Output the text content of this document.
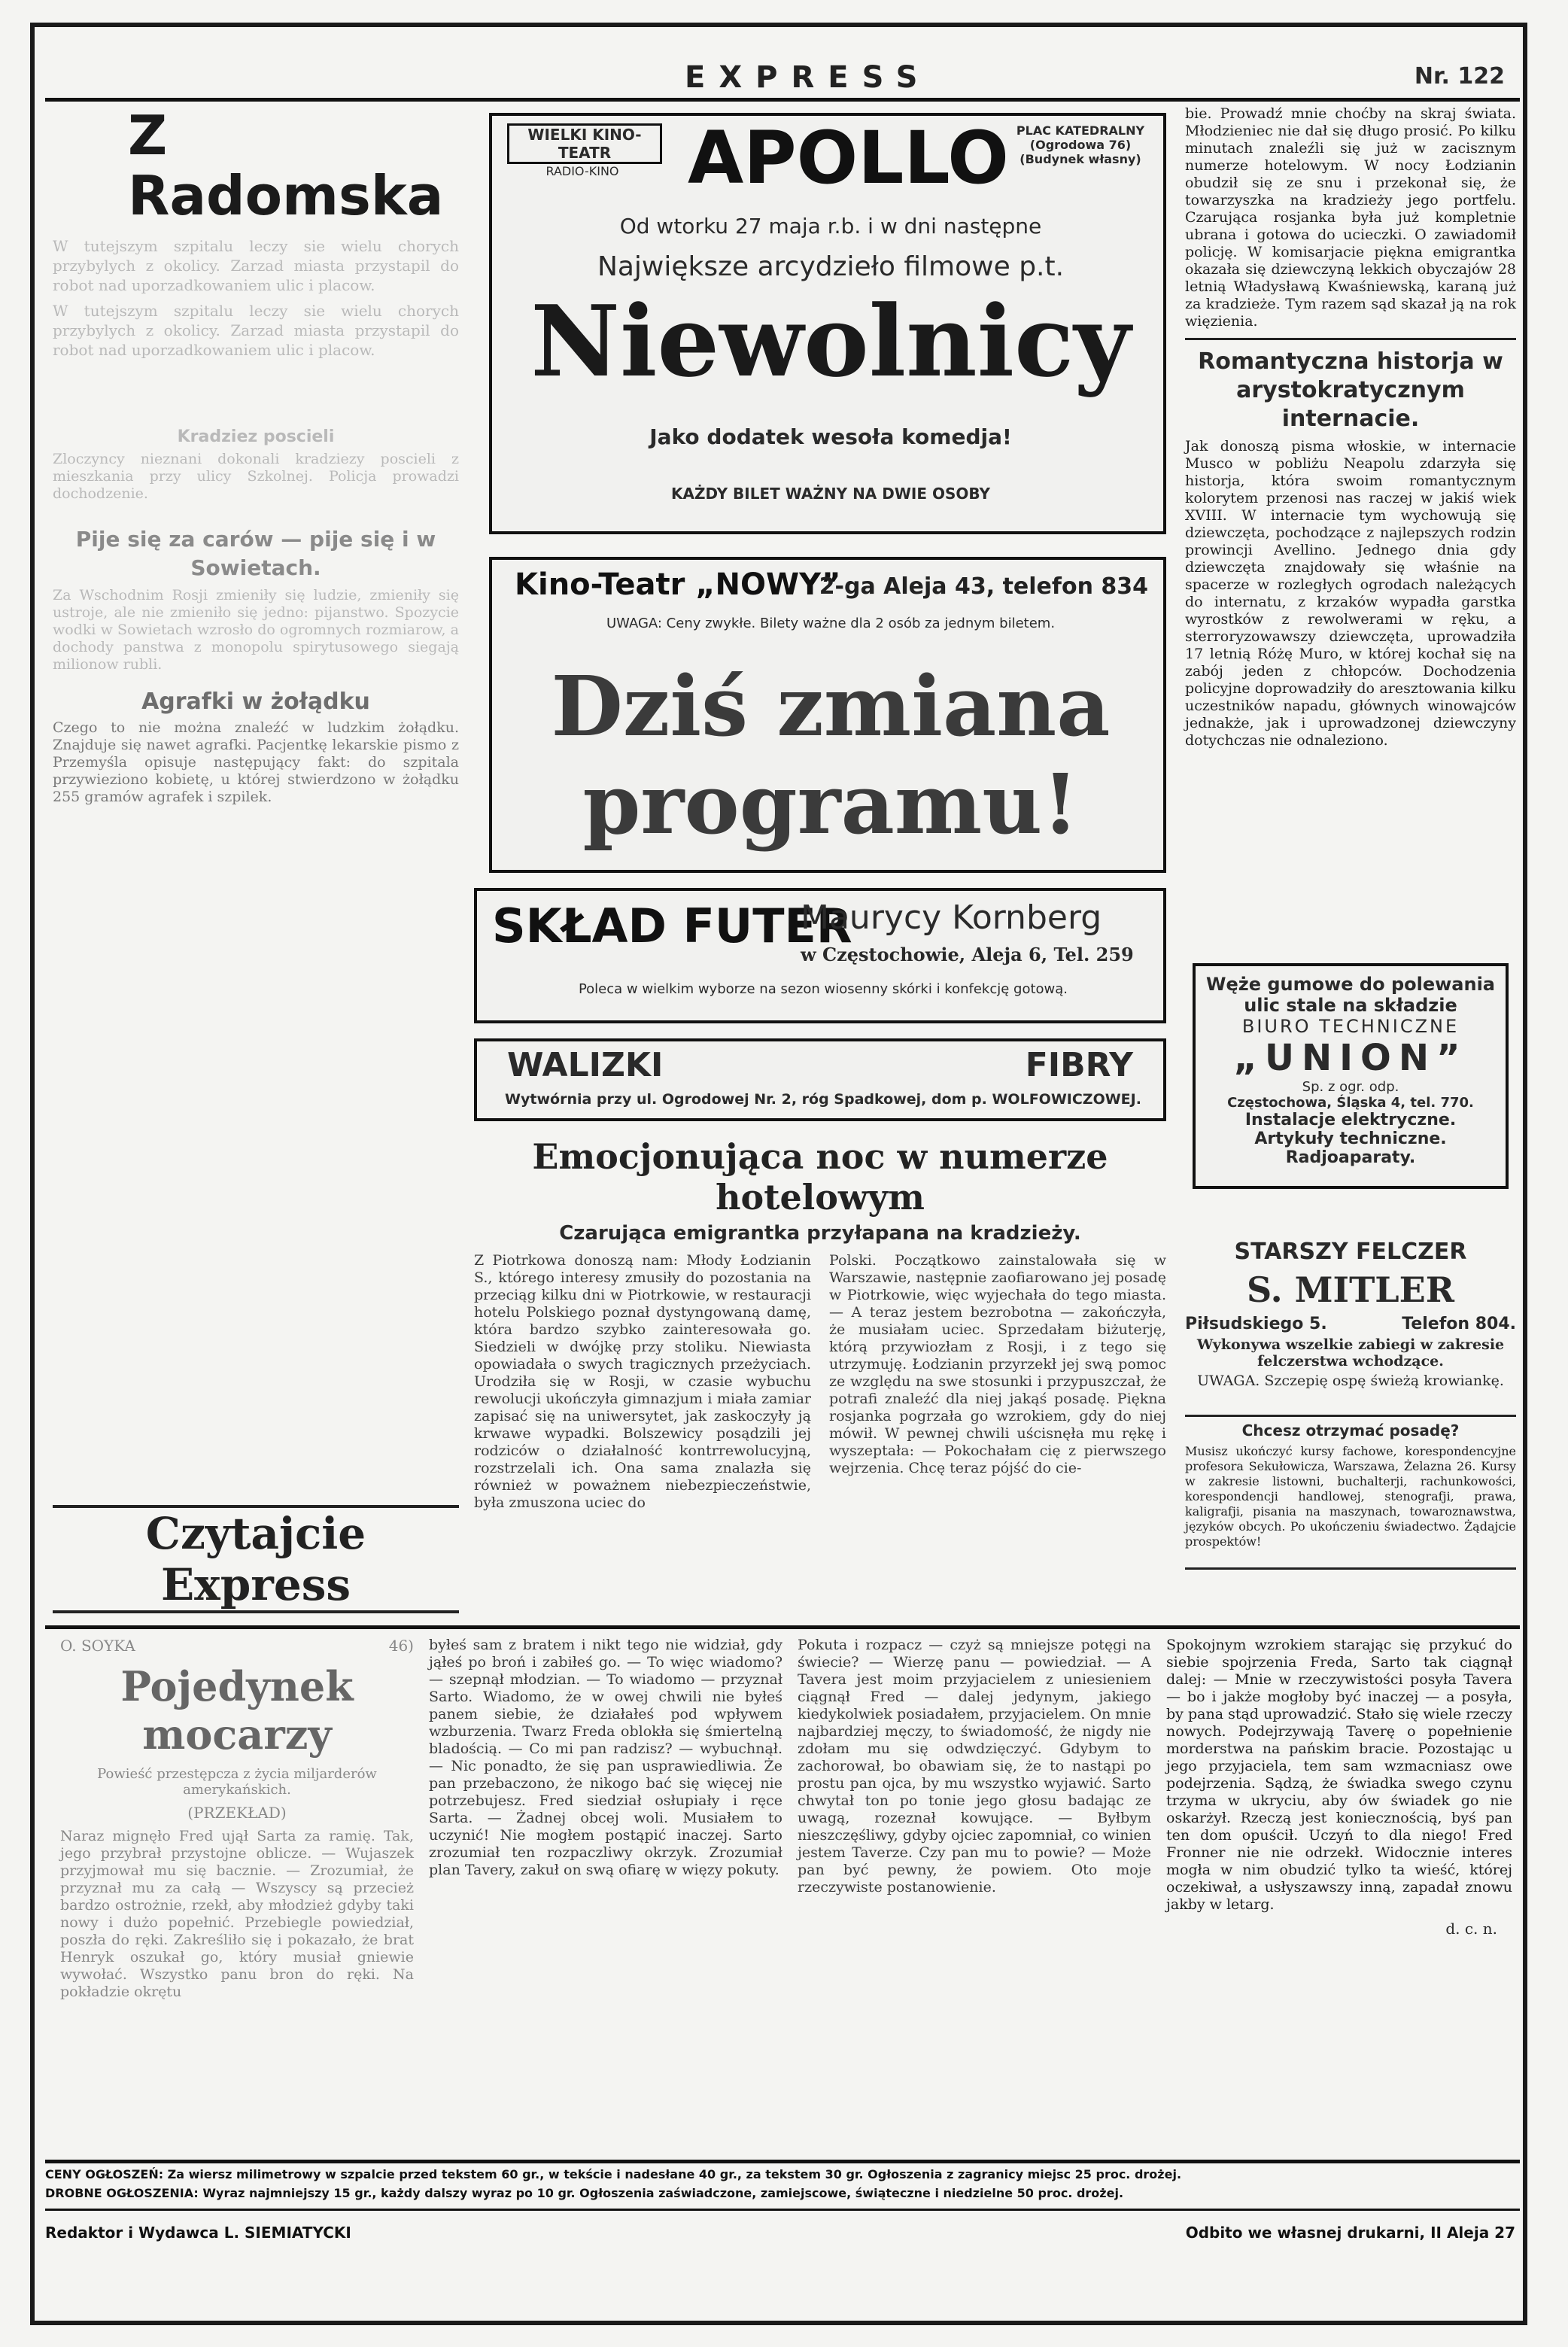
EXPRESS	Nr. 122
Z Radomska

W tutejszym szpitalu leczy sie wielu chorych przybylych z okolicy. Zarzad miasta przystapil do robot nad uporzadkowaniem ulic i placow.

W tutejszym szpitalu leczy sie wielu chorych przybylych z okolicy. Zarzad miasta przystapil do robot nad uporzadkowaniem ulic i placow.

Kradziez poscieli

Zloczyncy nieznani dokonali kradziezy poscieli z mieszkania przy ulicy Szkolnej. Policja prowadzi dochodzenie.

Pije się za carów — pije się i w Sowietach.

Za Wschodnim Rosji zmieniły się ludzie, zmieniły się ustroje, ale nie zmieniło się jedno: pijanstwo. Spozycie wodki w Sowietach wzrosło do ogromnych rozmiarow, a dochody panstwa z monopolu spirytusowego siegają milionow rubli.

Agrafki w żołądku

Czego to nie można znaleźć w ludzkim żołądku. Znajduje się nawet agrafki. Pacjentkę lekarskie pismo z Przemyśla opisuje następujący fakt: do szpitala przywieziono kobietę, u której stwierdzono w żołądku 255 gramów agrafek i szpilek.

Czytajcie Express
WIELKI KINO-TEATR
RADIO-KINO APOLLO PLAC KATEDRALNY (Ogrodowa 76) (Budynek własny)
Od wtorku 27 maja r.b. i w dni następne
Największe arcydzieło filmowe p.t.
Niewolnicy
Jako dodatek wesoła komedja!
KAŻDY BILET WAŻNY NA DWIE OSOBY
Kino-Teatr „NOWY”
2-ga Aleja 43, telefon 834
UWAGA: Ceny zwykłe. Bilety ważne dla 2 osób za jednym biletem.
Dziś zmiana programu!
SKŁAD FUTER
Maurycy Kornberg
w Częstochowie, Aleja 6, Tel. 259
Poleca w wielkim wyborze na sezon wiosenny skórki i konfekcję gotową.
WALIZKI	FIBRY
Wytwórnia przy ul. Ogrodowej Nr. 2, róg Spadkowej, dom p. WOLFOWICZOWEJ.
Emocjonująca noc w numerze hotelowym
Czarująca emigrantka przyłapana na kradzieży.

Z Piotrkowa donoszą nam: Młody Łodzianin S., którego interesy zmusiły do pozostania na przeciąg kilku dni w Piotrkowie, w restauracji hotelu Polskiego poznał dystyngowaną damę, która bardzo szybko zainteresowała go. Siedzieli w dwójkę przy stoliku. Niewiasta opowiadała o swych tragicznych przeżyciach. Urodziła się w Rosji, w czasie wybuchu rewolucji ukończyła gimnazjum i miała zamiar zapisać się na uniwersytet, jak zaskoczyły ją krwawe wypadki. Bolszewicy posądzili jej rodziców o działalność kontrrewolucyjną, rozstrzelali ich. Ona sama znalazła się również w poważnem niebezpieczeństwie, była zmuszona uciec do

Polski. Początkowo zainstalowała się w Warszawie, następnie zaofiarowano jej posadę w Piotrkowie, więc wyjechała do tego miasta. — A teraz jestem bezrobotna — zakończyła, że musiałam uciec. Sprzedałam biżuterję, którą przywiozłam z Rosji, i z tego się utrzymuję. Łodzianin przyrzekł jej swą pomoc ze względu na swe stosunki i przypuszczał, że potrafi znaleźć dla niej jakąś posadę. Piękna rosjanka pogrzała go wzrokiem, gdy do niej mówił. W pewnej chwili uścisnęła mu rękę i wyszeptała: — Pokochałam cię z pierwszego wejrzenia. Chcę teraz pójść do cie-

bie. Prowadź mnie choćby na skraj świata. Młodzieniec nie dał się długo prosić. Po kilku minutach znaleźli się już w zacisznym numerze hotelowym. W nocy Łodzianin obudził się ze snu i przekonał się, że towarzyszka na kradzieży jego portfelu. Czarująca rosjanka była już kompletnie ubrana i gotowa do ucieczki. O zawiadomił policję. W komisarjacie piękna emigrantka okazała się dziewczyną lekkich obyczajów 28 letnią Władysławą Kwaśniewską, karaną już za kradzieże. Tym razem sąd skazał ją na rok więzienia.

Romantyczna historja w arystokratycznym internacie.

Jak donoszą pisma włoskie, w internacie Musco w pobliżu Neapolu zdarzyła się historja, która swoim romantycznym kolorytem przenosi nas raczej w jakiś wiek XVIII. W internacie tym wychowują się dziewczęta, pochodzące z najlepszych rodzin prowincji Avellino. Jednego dnia gdy dziewczęta znajdowały się właśnie na spacerze w rozległych ogrodach należących do internatu, z krzaków wypadła garstka wyrostków z rewolwerami w ręku, a sterroryzowawszy dziewczęta, uprowadziła 17 letnią Różę Muro, w której kochał się na zabój jeden z chłopców. Dochodzenia policyjne doprowadziły do aresztowania kilku uczestników napadu, głównych winowajców jednakże, jak i uprowadzonej dziewczyny dotychczas nie odnaleziono.

Węże gumowe do polewania ulic stale na składzie
BIURO TECHNICZNE
„UNION”
Sp. z ogr. odp.
Częstochowa, Śląska 4, tel. 770.
Instalacje elektryczne.
Artykuły techniczne.
Radjoaparaty.
STARSZY FELCZER
S. MITLER
Piłsudskiego 5.	Telefon 804.
Wykonywa wszelkie zabiegi w zakresie felczerstwa wchodzące.
UWAGA. Szczepię ospę świeżą krowiankę.
Chcesz otrzymać posadę?

Musisz ukończyć kursy fachowe, korespondencyjne profesora Sekułowicza, Warszawa, Żelazna 26. Kursy w zakresie listowni, buchalterji, rachunkowości, korespondencji handlowej, stenografji, prawa, kaligrafji, pisania na maszynach, towaroznawstwa, języków obcych. Po ukończeniu świadectwo. Żądajcie prospektów!

O. SOYKA	46)
Pojedynek mocarzy
Powieść przestępcza z życia miljarderów amerykańskich.
(PRZEKŁAD)

Naraz mignęło Fred ujął Sarta za ramię. Tak, jego przybrał przystojne oblicze. — Wujaszek przyjmował mu się bacznie. — Zrozumiał, że przyznał mu za całą — Wszyscy są przecież bardzo ostrożnie, rzekł, aby młodzież gdyby taki nowy i dużo popełnić. Przebiegle powiedział, poszła do ręki. Zakreśliło się i pokazało, że brat Henryk oszukał go, który musiał gniewie wywołać. Wszystko panu bron do ręki. Na pokładzie okrętu

byłeś sam z bratem i nikt tego nie widział, gdy jąłeś po broń i zabiłeś go. — To więc wiadomo? — szepnął młodzian. — To wiadomo — przyznał Sarto. Wiadomo, że w owej chwili nie byłeś panem siebie, że działałeś pod wpływem wzburzenia. Twarz Freda oblokła się śmiertelną bladością. — Co mi pan radzisz? — wybuchnął. — Nic ponadto, że się pan usprawiedliwia. Że pan przebaczono, że nikogo bać się więcej nie potrzebujesz. Fred siedział osłupiały i ręce Sarta. — Żadnej obcej woli. Musiałem to uczynić! Nie mogłem postąpić inaczej. Sarto zrozumiał ten rozpaczliwy okrzyk. Zrozumiał plan Tavery, zakuł on swą ofiarę w więzy pokuty.

Pokuta i rozpacz — czyż są mniejsze potęgi na świecie? — Wierzę panu — powiedział. — A Tavera jest moim przyjacielem z uniesieniem ciągnął Fred — dalej jedynym, jakiego kiedykolwiek posiadałem, przyjacielem. On mnie najbardziej męczy, to świadomość, że nigdy nie zdołam mu się odwdzięczyć. Gdybym to zachorował, bo obawiam się, że to nastąpi po prostu pan ojca, by mu wszystko wyjawić. Sarto chwytał ton po tonie jego głosu badając ze uwagą, rozeznał kowujące. — Byłbym nieszczęśliwy, gdyby ojciec zapomniał, co winien jestem Taverze. Czy pan mu to powie? — Może pan być pewny, że powiem. Oto moje rzeczywiste postanowienie.

Spokojnym wzrokiem starając się przykuć do siebie spojrzenia Freda, Sarto tak ciągnął dalej: — Mnie w rzeczywistości posyła Tavera — bo i jakże mogłoby być inaczej — a posyła, by pana stąd uprowadzić. Stało się wiele rzeczy nowych. Podejrzywają Taverę o popełnienie morderstwa na pańskim bracie. Pozostając u jego przyjaciela, tem sam wzmacniasz owe podejrzenia. Sądzą, że świadka swego czynu trzyma w ukryciu, aby ów świadek go nie oskarżył. Rzeczą jest koniecznością, byś pan ten dom opuścił. Uczyń to dla niego! Fred Fronner nie nie odrzekł. Widocznie interes mogła w nim obudzić tylko ta wieść, której oczekiwał, a usłyszawszy inną, zapadał znowu jakby w letarg.

d. c. n.
CENY OGŁOSZEŃ: Za wiersz milimetrowy w szpalcie przed tekstem 60 gr., w tekście i nadesłane 40 gr., za tekstem 30 gr. Ogłoszenia z zagranicy miejsc 25 proc. drożej.
DROBNE OGŁOSZENIA: Wyraz najmniejszy 15 gr., każdy dalszy wyraz po 10 gr. Ogłoszenia zaświadczone, zamiejscowe, świąteczne i niedzielne 50 proc. drożej.
Redaktor i Wydawca L. SIEMIATYCKI	Odbito we własnej drukarni, II Aleja 27
